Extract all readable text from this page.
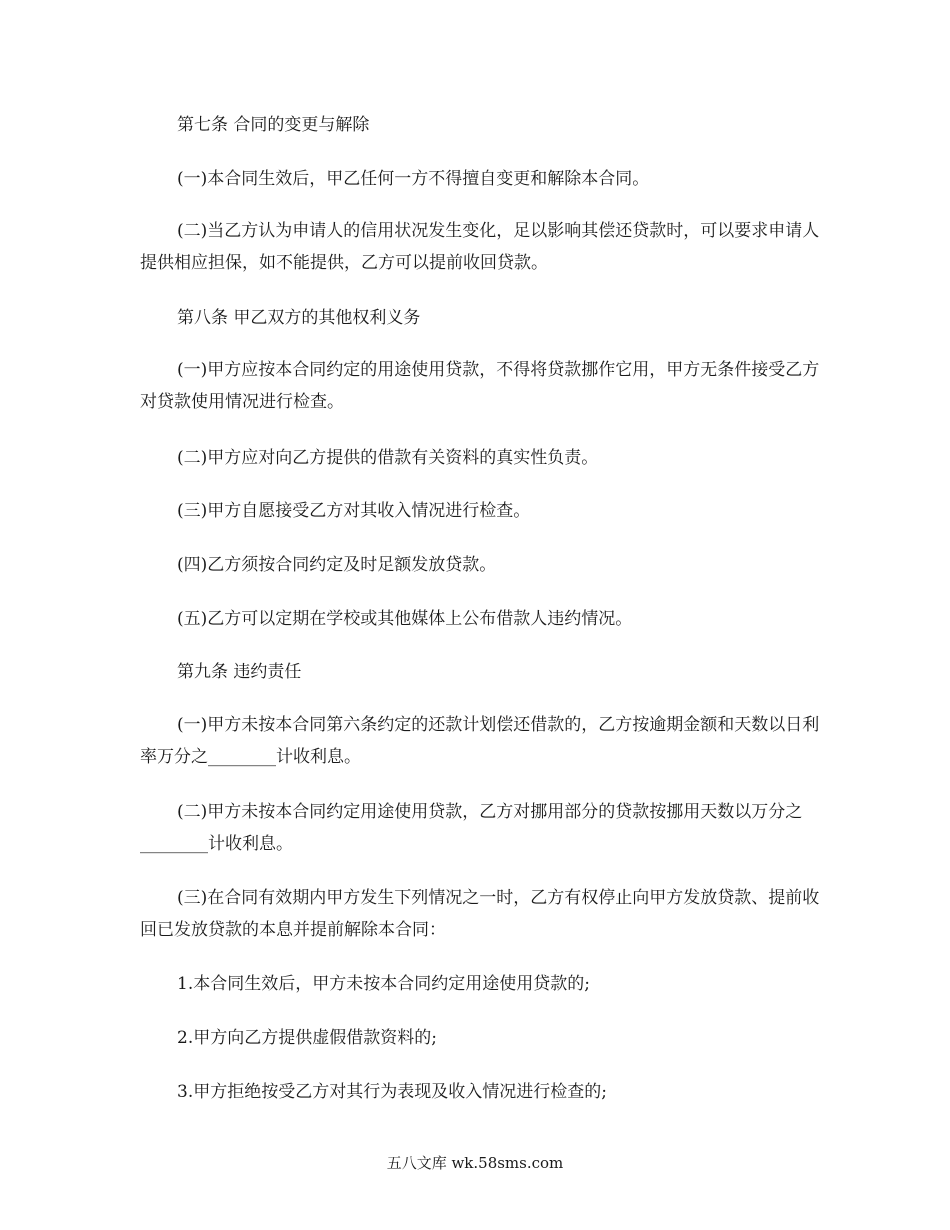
第七条 合同的变更与解除

(一)本合同生效后，甲乙任何一方不得擅自变更和解除本合同。

(二)当乙方认为申请人的信用状况发生变化，足以影响其偿还贷款时，可以要求申请人提供相应担保，如不能提供，乙方可以提前收回贷款。

第八条 甲乙双方的其他权利义务

(一)甲方应按本合同约定的用途使用贷款，不得将贷款挪作它用，甲方无条件接受乙方对贷款使用情况进行检查。

(二)甲方应对向乙方提供的借款有关资料的真实性负责。

(三)甲方自愿接受乙方对其收入情况进行检查。

(四)乙方须按合同约定及时足额发放贷款。

(五)乙方可以定期在学校或其他媒体上公布借款人违约情况。

第九条 违约责任

(一)甲方未按本合同第六条约定的还款计划偿还借款的，乙方按逾期金额和天数以日利率万分之________计收利息。

(二)甲方未按本合同约定用途使用贷款，乙方对挪用部分的贷款按挪用天数以万分之________计收利息。

(三)在合同有效期内甲方发生下列情况之一时，乙方有权停止向甲方发放贷款、提前收回已发放贷款的本息并提前解除本合同：

1.本合同生效后，甲方未按本合同约定用途使用贷款的;

2.甲方向乙方提供虚假借款资料的;

3.甲方拒绝按受乙方对其行为表现及收入情况进行检查的;

五八文库 wk.58sms.com
